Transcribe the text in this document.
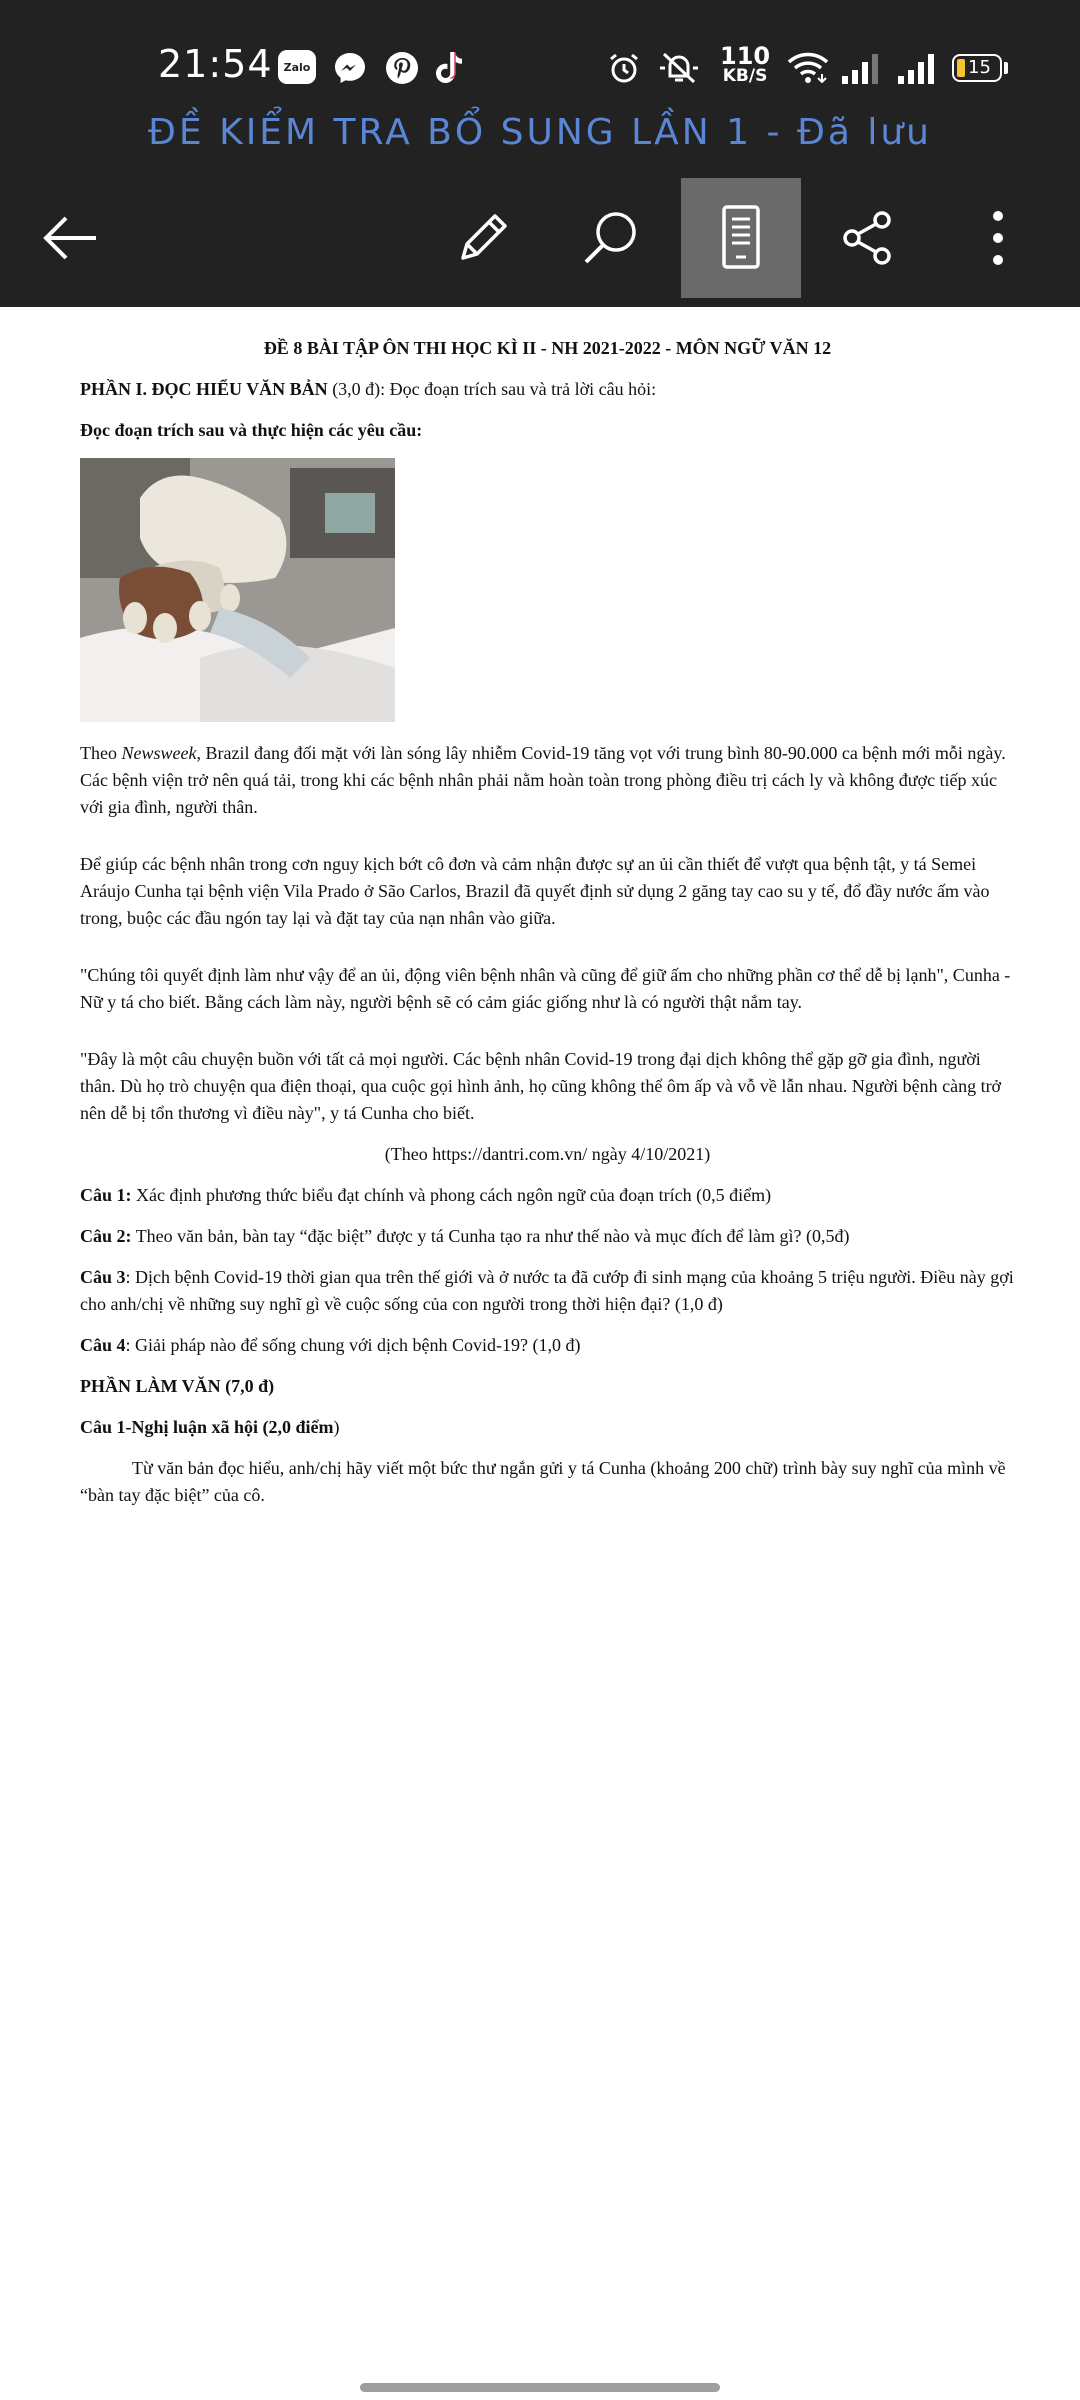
21:54	Zalo	110
KB/S	15
ĐỀ KIỂM TRA BỔ SUNG LẦN 1 - Đã lưu

ĐỀ 8 BÀI TẬP ÔN THI HỌC KÌ II - NH 2021-2022 - MÔN NGỮ VĂN 12

PHẦN I. ĐỌC HIỂU VĂN BẢN (3,0 đ): Đọc đoạn trích sau và trả lời câu hỏi:

Đọc đoạn trích sau và thực hiện các yêu cầu:

Theo Newsweek, Brazil đang đối mặt với làn sóng lây nhiễm Covid-19 tăng vọt với trung bình 80-90.000 ca bệnh mới mỗi ngày. Các bệnh viện trở nên quá tải, trong khi các bệnh nhân phải nằm hoàn toàn trong phòng điều trị cách ly và không được tiếp xúc với gia đình, người thân.

Để giúp các bệnh nhân trong cơn nguy kịch bớt cô đơn và cảm nhận được sự an ủi cần thiết để vượt qua bệnh tật, y tá Semei Aráujo Cunha tại bệnh viện Vila Prado ở São Carlos, Brazil đã quyết định sử dụng 2 găng tay cao su y tế, đổ đầy nước ấm vào trong, buộc các đầu ngón tay lại và đặt tay của nạn nhân vào giữa.

"Chúng tôi quyết định làm như vậy để an ủi, động viên bệnh nhân và cũng để giữ ấm cho những phần cơ thể dễ bị lạnh", Cunha -Nữ y tá cho biết. Bằng cách làm này, người bệnh sẽ có cảm giác giống như là có người thật nắm tay.

"Đây là một câu chuyện buồn với tất cả mọi người. Các bệnh nhân Covid-19 trong đại dịch không thể gặp gỡ gia đình, người thân. Dù họ trò chuyện qua điện thoại, qua cuộc gọi hình ảnh, họ cũng không thể ôm ấp và vỗ về lẫn nhau. Người bệnh càng trở nên dễ bị tổn thương vì điều này", y tá Cunha cho biết.

(Theo https://dantri.com.vn/ ngày 4/10/2021)

Câu 1: Xác định phương thức biểu đạt chính và phong cách ngôn ngữ của đoạn trích (0,5 điểm)

Câu 2: Theo văn bản, bàn tay “đặc biệt” được y tá Cunha tạo ra như thế nào và mục đích để làm gì? (0,5đ)

Câu 3: Dịch bệnh Covid-19 thời gian qua trên thế giới và ở nước ta đã cướp đi sinh mạng của khoảng 5 triệu người. Điều này gợi cho anh/chị về những suy nghĩ gì về cuộc sống của con người trong thời hiện đại? (1,0 đ)

Câu 4: Giải pháp nào để sống chung với dịch bệnh Covid-19? (1,0 đ)

PHẦN LÀM VĂN (7,0 đ)

Câu 1-Nghị luận xã hội (2,0 điểm)

Từ văn bản đọc hiểu, anh/chị hãy viết một bức thư ngắn gửi y tá Cunha (khoảng 200 chữ) trình bày suy nghĩ của mình về “bàn tay đặc biệt” của cô.
